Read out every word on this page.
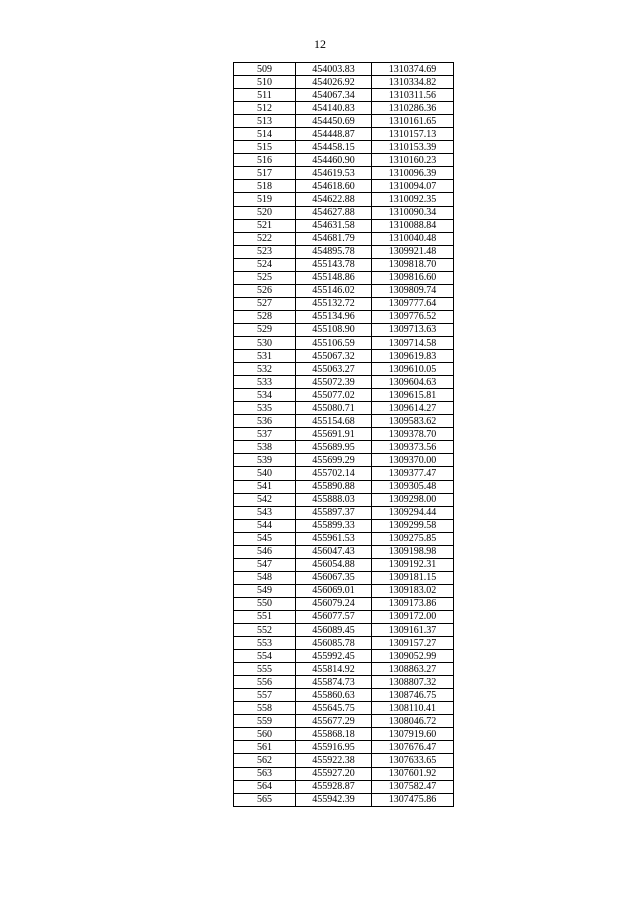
12
509	454003.83	1310374.69
510	454026.92	1310334.82
511	454067.34	1310311.56
512	454140.83	1310286.36
513	454450.69	1310161.65
514	454448.87	1310157.13
515	454458.15	1310153.39
516	454460.90	1310160.23
517	454619.53	1310096.39
518	454618.60	1310094.07
519	454622.88	1310092.35
520	454627.88	1310090.34
521	454631.58	1310088.84
522	454681.79	1310040.48
523	454895.78	1309921.48
524	455143.78	1309818.70
525	455148.86	1309816.60
526	455146.02	1309809.74
527	455132.72	1309777.64
528	455134.96	1309776.52
529	455108.90	1309713.63
530	455106.59	1309714.58
531	455067.32	1309619.83
532	455063.27	1309610.05
533	455072.39	1309604.63
534	455077.02	1309615.81
535	455080.71	1309614.27
536	455154.68	1309583.62
537	455691.91	1309378.70
538	455689.95	1309373.56
539	455699.29	1309370.00
540	455702.14	1309377.47
541	455890.88	1309305.48
542	455888.03	1309298.00
543	455897.37	1309294.44
544	455899.33	1309299.58
545	455961.53	1309275.85
546	456047.43	1309198.98
547	456054.88	1309192.31
548	456067.35	1309181.15
549	456069.01	1309183.02
550	456079.24	1309173.86
551	456077.57	1309172.00
552	456089.45	1309161.37
553	456085.78	1309157.27
554	455992.45	1309052.99
555	455814.92	1308863.27
556	455874.73	1308807.32
557	455860.63	1308746.75
558	455645.75	1308110.41
559	455677.29	1308046.72
560	455868.18	1307919.60
561	455916.95	1307676.47
562	455922.38	1307633.65
563	455927.20	1307601.92
564	455928.87	1307582.47
565	455942.39	1307475.86
